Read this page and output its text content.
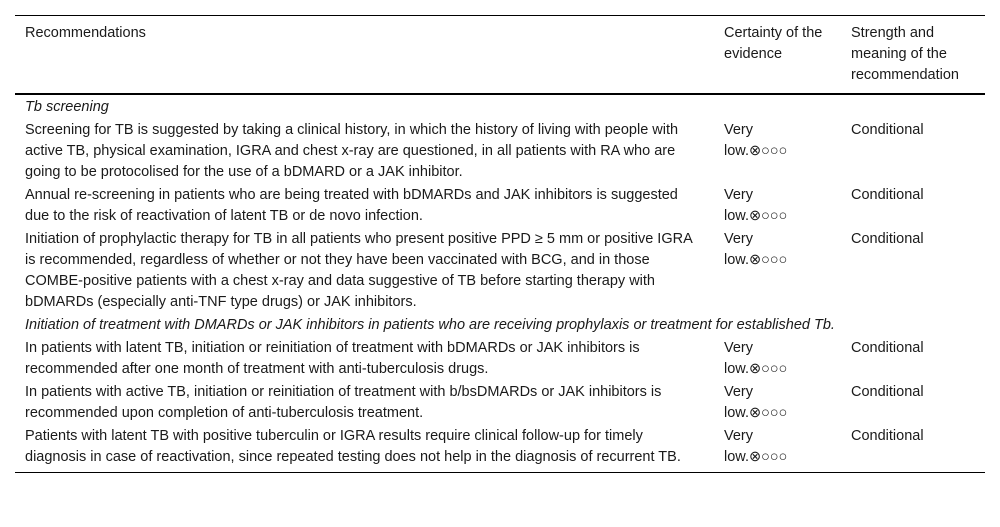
Recommendations	Certainty of the evidence	Strength and meaning of the recommendation
Tb screening		
Screening for TB is suggested by taking a clinical history, in which the history of living with people with active TB, physical examination, IGRA and chest x-ray are questioned, in all patients with RA who are going to be protocolised for the use of a bDMARD or a JAK inhibitor.	Very
low.⊗○○○	Conditional
Annual re-screening in patients who are being treated with bDMARDs and JAK inhibitors is suggested due to the risk of reactivation of latent TB or de novo infection.	Very
low.⊗○○○	Conditional
Initiation of prophylactic therapy for TB in all patients who present positive PPD ≥ 5 mm or positive IGRA is recommended, regardless of whether or not they have been vaccinated with BCG, and in those COMBE-positive patients with a chest x-ray and data suggestive of TB before starting therapy with bDMARDs (especially anti-TNF type drugs) or JAK inhibitors.	Very
low.⊗○○○	Conditional
Initiation of treatment with DMARDs or JAK inhibitors in patients who are receiving prophylaxis or treatment for established Tb.		
In patients with latent TB, initiation or reinitiation of treatment with bDMARDs or JAK inhibitors is recommended after one month of treatment with anti-tuberculosis drugs.	Very
low.⊗○○○	Conditional
In patients with active TB, initiation or reinitiation of treatment with b/bsDMARDs or JAK inhibitors is recommended upon completion of anti-tuberculosis treatment.	Very
low.⊗○○○	Conditional
Patients with latent TB with positive tuberculin or IGRA results require clinical follow-up for timely diagnosis in case of reactivation, since repeated testing does not help in the diagnosis of recurrent TB.	Very
low.⊗○○○	Conditional
